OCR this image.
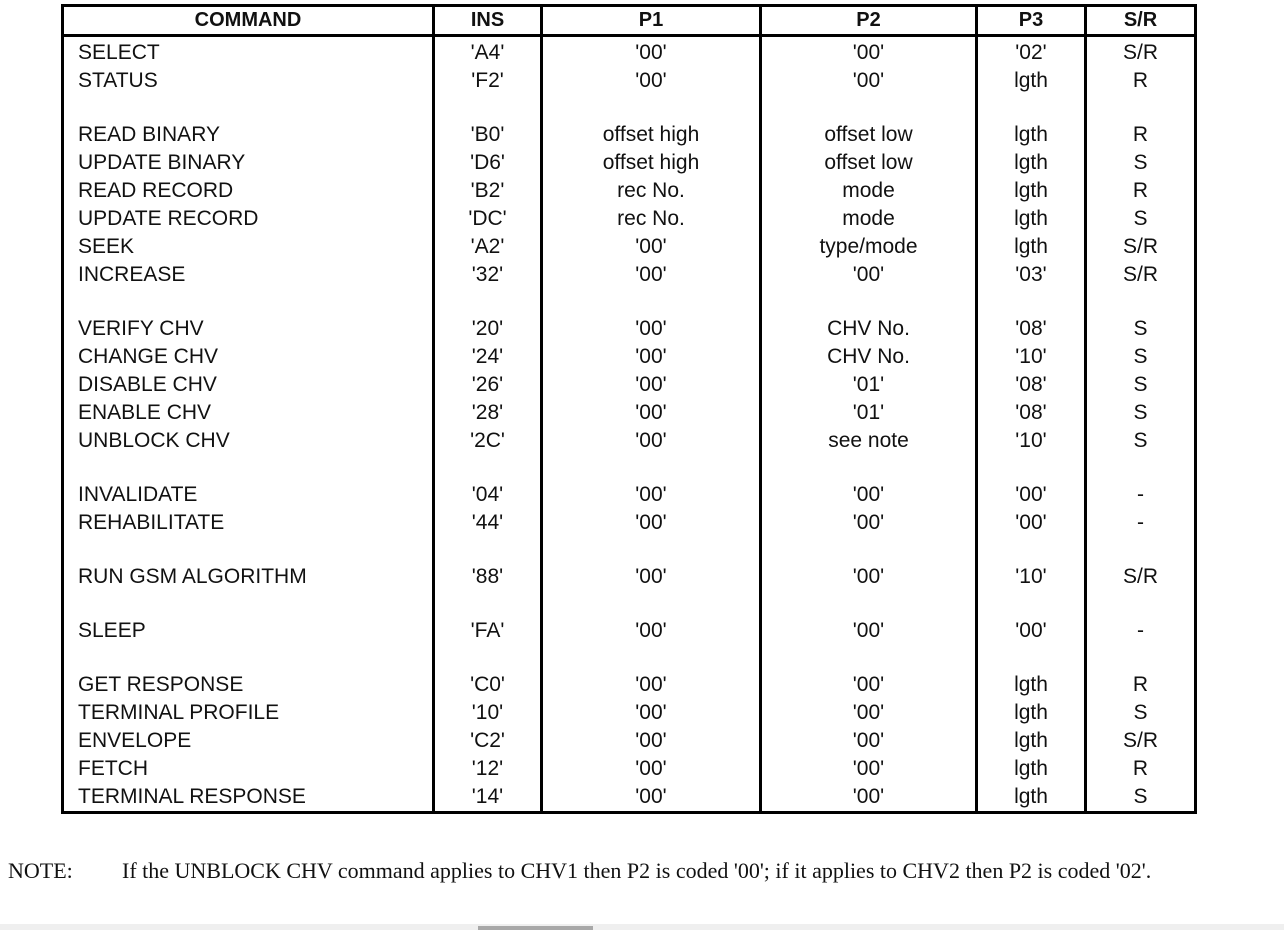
COMMAND	INS	P1	P2	P3	S/R
SELECT	'A4'	'00'	'00'	'02'	S/R
STATUS	'F2'	'00'	'00'	lgth	R

READ BINARY	'B0'	offset high	offset low	lgth	R
UPDATE BINARY	'D6'	offset high	offset low	lgth	S
READ RECORD	'B2'	rec No.	mode	lgth	R
UPDATE RECORD	'DC'	rec No.	mode	lgth	S
SEEK	'A2'	'00'	type/mode	lgth	S/R
INCREASE	'32'	'00'	'00'	'03'	S/R

VERIFY CHV	'20'	'00'	CHV No.	'08'	S
CHANGE CHV	'24'	'00'	CHV No.	'10'	S
DISABLE CHV	'26'	'00'	'01'	'08'	S
ENABLE CHV	'28'	'00'	'01'	'08'	S
UNBLOCK CHV	'2C'	'00'	see note	'10'	S

INVALIDATE	'04'	'00'	'00'	'00'	-
REHABILITATE	'44'	'00'	'00'	'00'	-

RUN GSM ALGORITHM	'88'	'00'	'00'	'10'	S/R

SLEEP	'FA'	'00'	'00'	'00'	-

GET RESPONSE	'C0'	'00'	'00'	lgth	R
TERMINAL PROFILE	'10'	'00'	'00'	lgth	S
ENVELOPE	'C2'	'00'	'00'	lgth	S/R
FETCH	'12'	'00'	'00'	lgth	R
TERMINAL RESPONSE	'14'	'00'	'00'	lgth	S
NOTE: If the UNBLOCK CHV command applies to CHV1 then P2 is coded '00'; if it applies to CHV2 then P2 is coded '02'.
